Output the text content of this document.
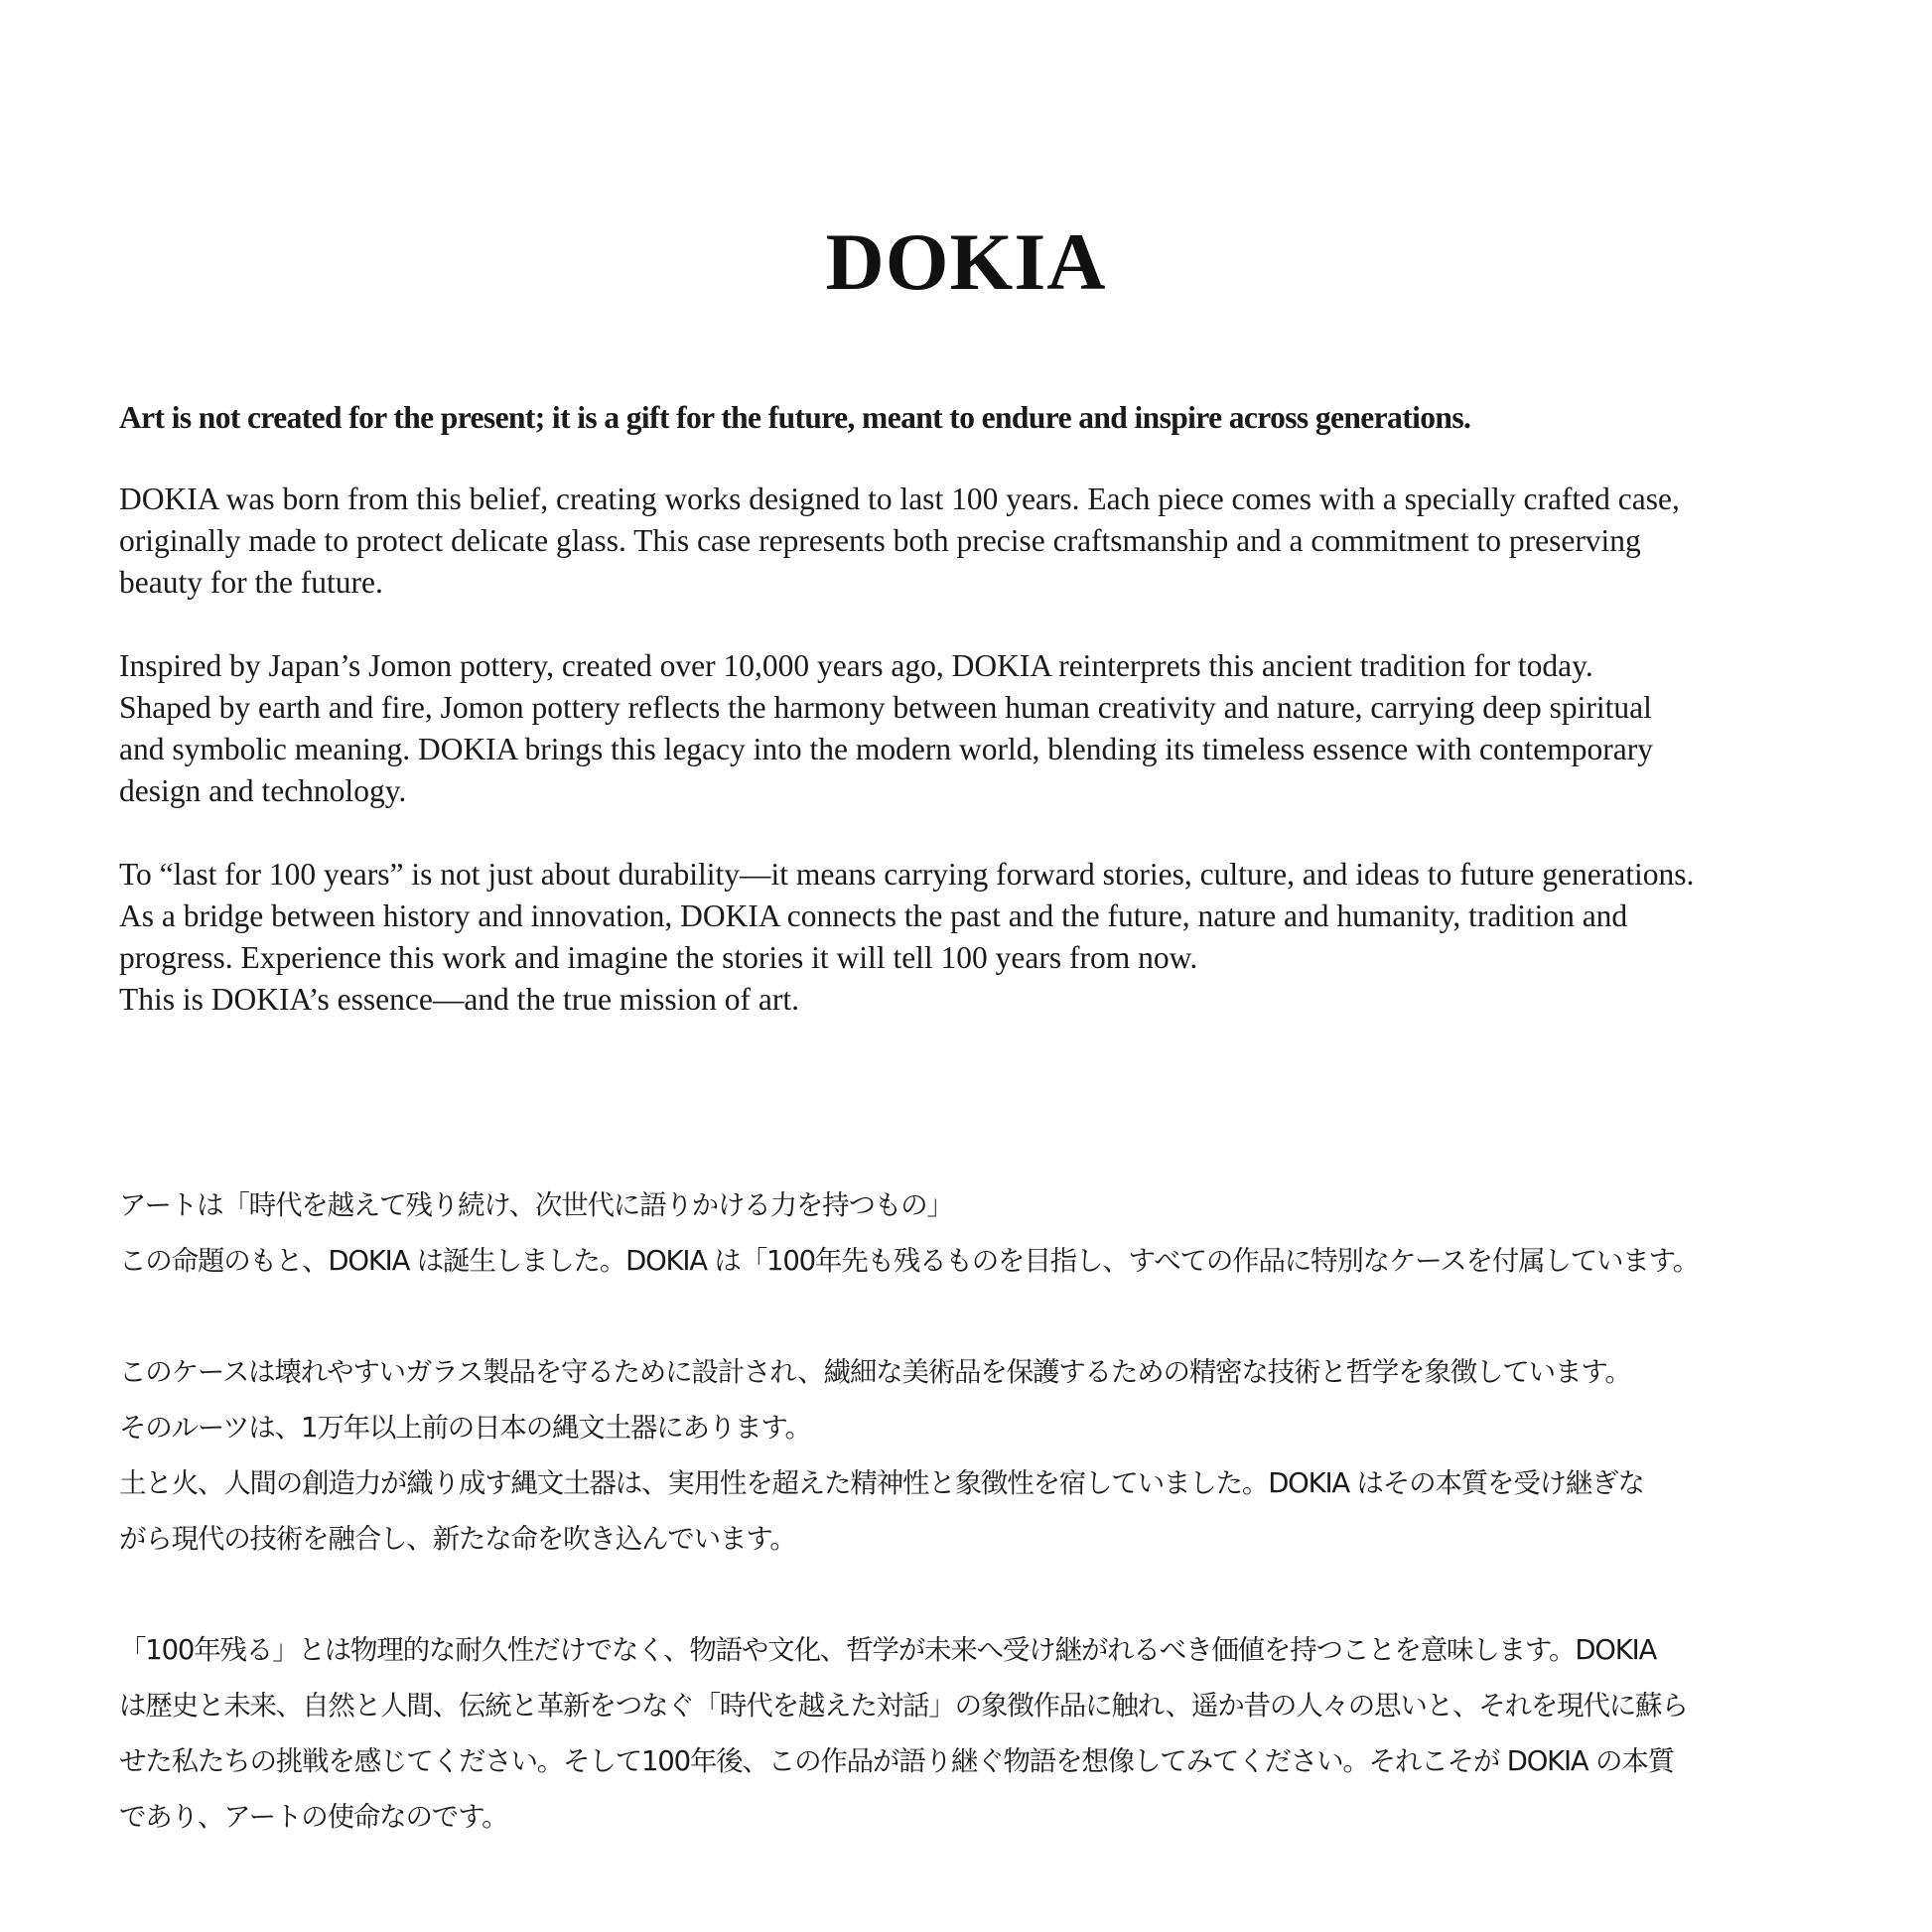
DOKIA

Art is not created for the present; it is a gift for the future, meant to endure and inspire across generations.

DOKIA was born from this belief, creating works designed to last 100 years. Each piece comes with a specially crafted case,
originally made to protect delicate glass. This case represents both precise craftsmanship and a commitment to preserving
beauty for the future.

Inspired by Japan’s Jomon pottery, created over 10,000 years ago, DOKIA reinterprets this ancient tradition for today.
Shaped by earth and fire, Jomon pottery reflects the harmony between human creativity and nature, carrying deep spiritual
and symbolic meaning. DOKIA brings this legacy into the modern world, blending its timeless essence with contemporary
design and technology.

To “last for 100 years” is not just about durability—it means carrying forward stories, culture, and ideas to future generations.
As a bridge between history and innovation, DOKIA connects the past and the future, nature and humanity, tradition and
progress. Experience this work and imagine the stories it will tell 100 years from now.
This is DOKIA’s essence—and the true mission of art.

アートは「時代を越えて残り続け、次世代に語りかける力を持つもの」
この命題のもと、DOKIA は誕生しました。DOKIA は「100年先も残るものを目指し、すべての作品に特別なケースを付属しています。

このケースは壊れやすいガラス製品を守るために設計され、繊細な美術品を保護するための精密な技術と哲学を象徴しています。
そのルーツは、1万年以上前の日本の縄文土器にあります。
土と火、人間の創造力が織り成す縄文土器は、実用性を超えた精神性と象徴性を宿していました。DOKIA はその本質を受け継ぎな
がら現代の技術を融合し、新たな命を吹き込んでいます。

「100年残る」とは物理的な耐久性だけでなく、物語や文化、哲学が未来へ受け継がれるべき価値を持つことを意味します。DOKIA
は歴史と未来、自然と人間、伝統と革新をつなぐ「時代を越えた対話」の象徴作品に触れ、遥か昔の人々の思いと、それを現代に蘇ら
せた私たちの挑戦を感じてください。そして100年後、この作品が語り継ぐ物語を想像してみてください。それこそが DOKIA の本質
であり、アートの使命なのです。
